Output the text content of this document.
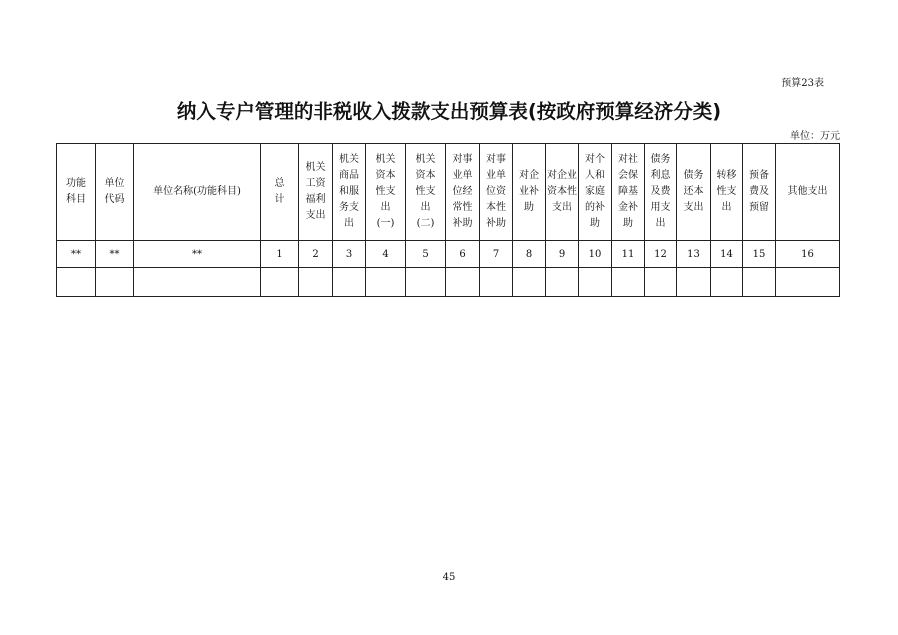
预算23表
纳入专户管理的非税收入拨款支出预算表(按政府预算经济分类)
单位：万元
功能科目	单位代码	单位名称(功能科目)	总计	机关工资福利支出	机关商品和服务支出	机关资本性支出(一)	机关资本性支出(二)	对事业单位经常性补助	对事业单位资本性补助	对企业补助	对企业资本性支出	对个人和家庭的补助	对社会保障基金补助	债务利息及费用支出	债务还本支出	转移性支出	预备费及预留	其他支出
**	**	**	1	2	3	4	5	6	7	8	9	10	11	12	13	14	15	16

45
